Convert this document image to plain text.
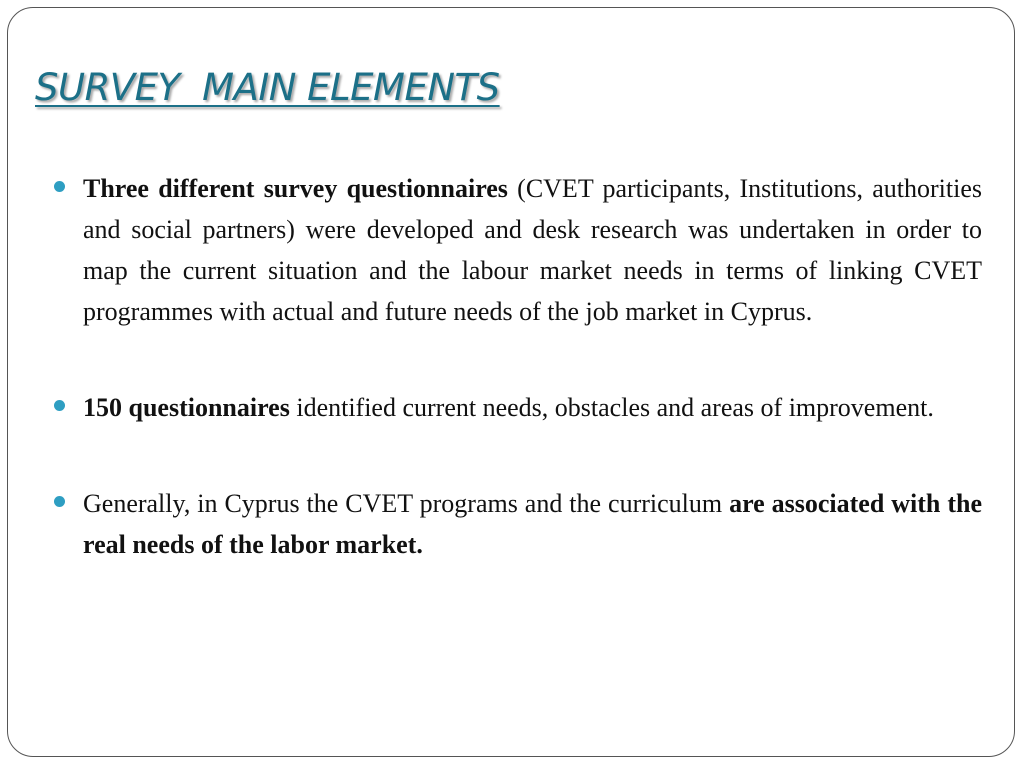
SURVEY  MAIN ELEMENTS
Three different survey questionnaires (CVET participants, Institutions, authorities and social partners) were developed and desk research was undertaken in order to map the current situation and the labour market needs in terms of linking CVET programmes with actual and future needs of the job market in Cyprus.
150 questionnaires identified current needs, obstacles and areas of improvement.
Generally, in Cyprus the CVET programs and the curriculum are associated with the real needs of the labor market.
